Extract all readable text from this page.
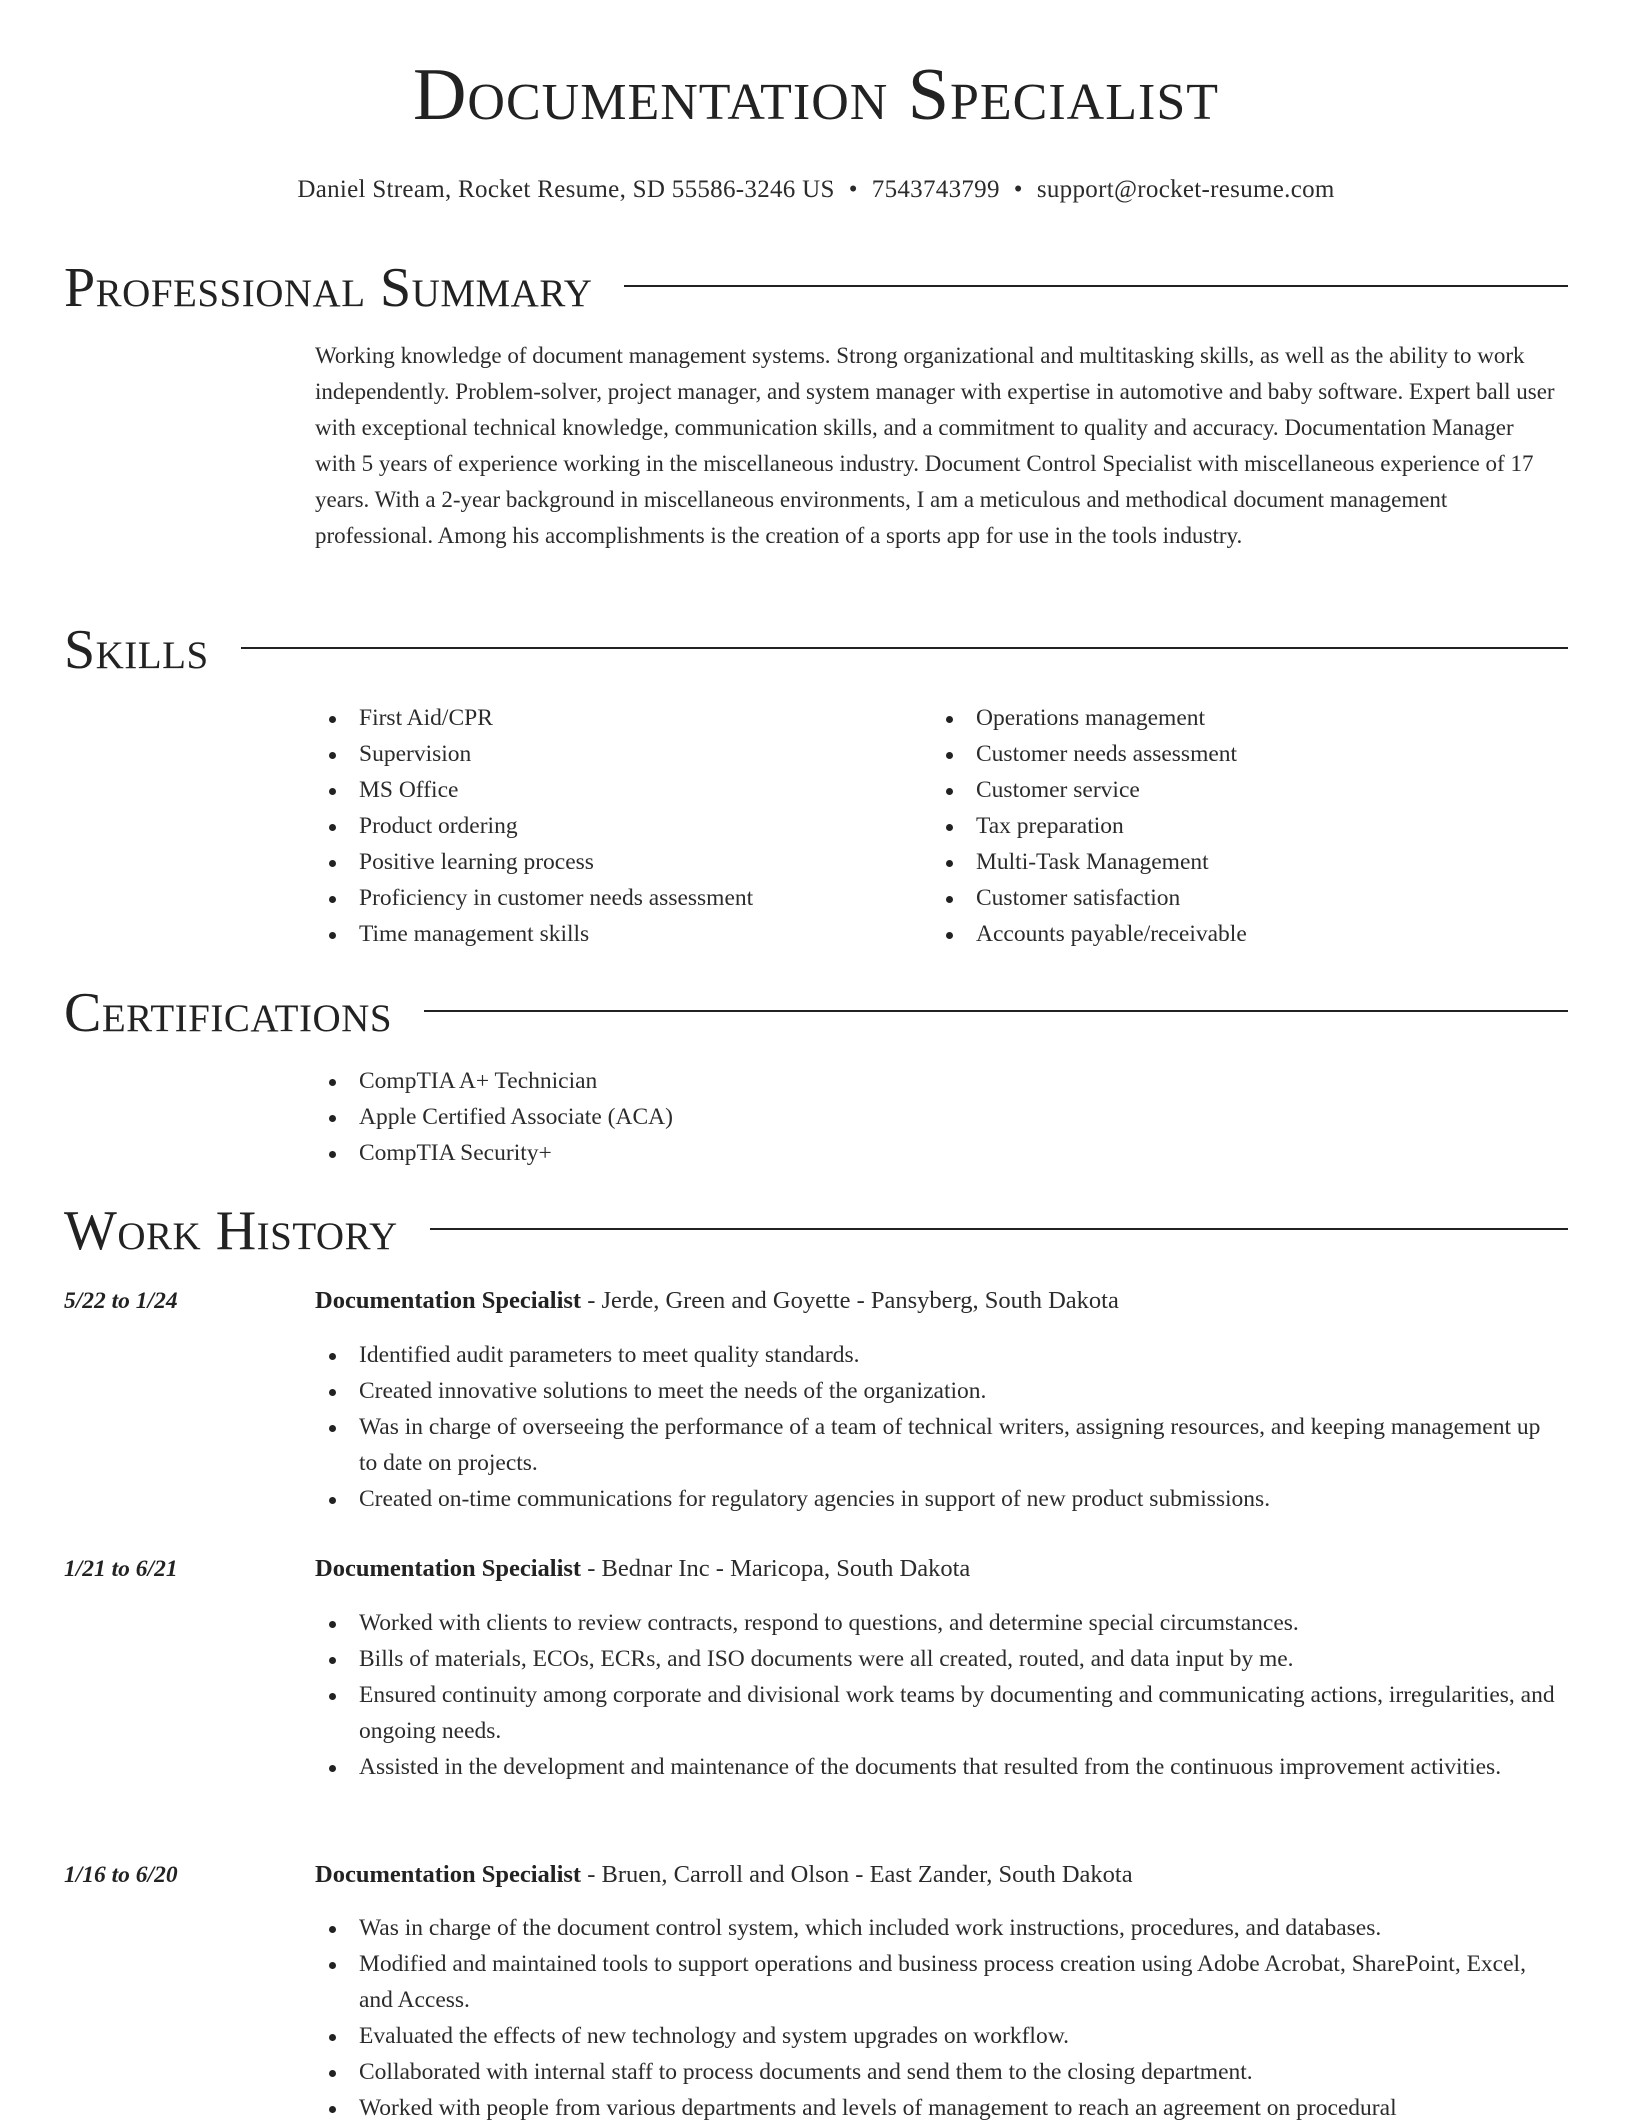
Documentation Specialist
Daniel Stream, Rocket Resume, SD 55586-3246 US • 7543743799 • support@rocket-resume.com
Professional Summary

Working knowledge of document management systems. Strong organizational and multitasking skills, as well as the ability to work independently. Problem-solver, project manager, and system manager with expertise in automotive and baby software. Expert ball user with exceptional technical knowledge, communication skills, and a commitment to quality and accuracy. Documentation Manager with 5 years of experience working in the miscellaneous industry. Document Control Specialist with miscellaneous experience of 17 years. With a 2-year background in miscellaneous environments, I am a meticulous and methodical document management professional. Among his accomplishments is the creation of a sports app for use in the tools industry.

Skills
First Aid/CPR
Supervision
MS Office
Product ordering
Positive learning process
Proficiency in customer needs assessment
Time management skills
Operations management
Customer needs assessment
Customer service
Tax preparation
Multi-Task Management
Customer satisfaction
Accounts payable/receivable
Certifications
CompTIA A+ Technician
Apple Certified Associate (ACA)
CompTIA Security+
Work History
5/22 to 1/24	Documentation Specialist - Jerde, Green and Goyette - Pansyberg, South Dakota
Identified audit parameters to meet quality standards.
Created innovative solutions to meet the needs of the organization.
Was in charge of overseeing the performance of a team of technical writers, assigning resources, and keeping management up to date on projects.
Created on-time communications for regulatory agencies in support of new product submissions.
1/21 to 6/21	Documentation Specialist - Bednar Inc - Maricopa, South Dakota
Worked with clients to review contracts, respond to questions, and determine special circumstances.
Bills of materials, ECOs, ECRs, and ISO documents were all created, routed, and data input by me.
Ensured continuity among corporate and divisional work teams by documenting and communicating actions, irregularities, and ongoing needs.
Assisted in the development and maintenance of the documents that resulted from the continuous improvement activities.
1/16 to 6/20	Documentation Specialist - Bruen, Carroll and Olson - East Zander, South Dakota
Was in charge of the document control system, which included work instructions, procedures, and databases.
Modified and maintained tools to support operations and business process creation using Adobe Acrobat, SharePoint, Excel, and Access.
Evaluated the effects of new technology and system upgrades on workflow.
Collaborated with internal staff to process documents and send them to the closing department.
Worked with people from various departments and levels of management to reach an agreement on procedural
